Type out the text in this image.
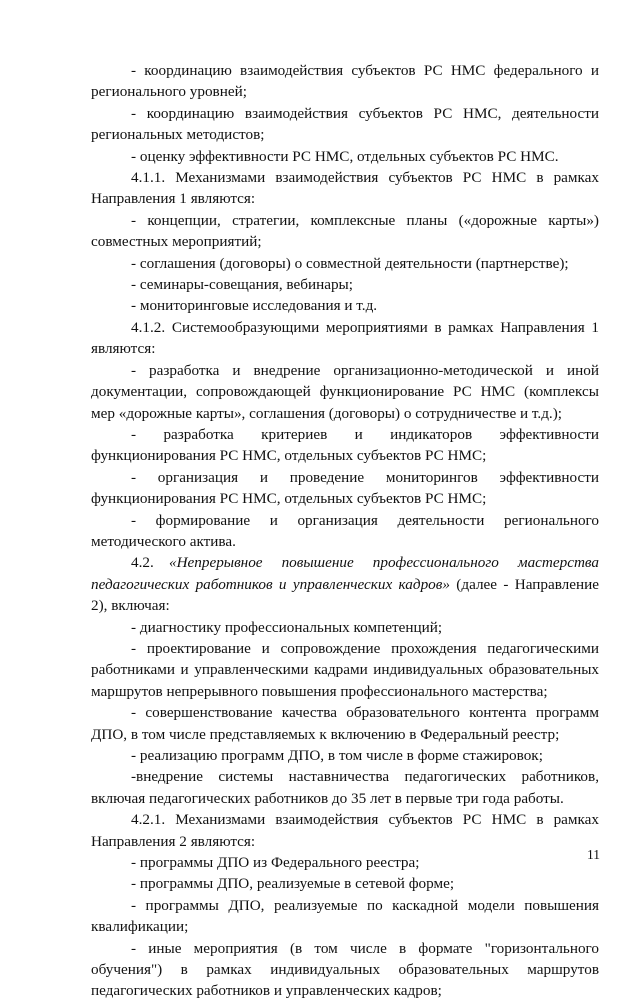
- координацию взаимодействия субъектов РС НМС федерального и регионального уровней;

- координацию взаимодействия субъектов РС НМС, деятельности региональных методистов;

- оценку эффективности РС НМС, отдельных субъектов РС НМС.

4.1.1. Механизмами взаимодействия субъектов РС НМС в рамках Направления 1 являются:

- концепции, стратегии, комплексные планы («дорожные карты») совместных мероприятий;

- соглашения (договоры) о совместной деятельности (партнерстве);

- семинары-совещания, вебинары;

- мониторинговые исследования и т.д.

4.1.2. Системообразующими мероприятиями в рамках Направления 1 являются:

- разработка и внедрение организационно-методической и иной документации, сопровождающей функционирование РС НМС (комплексы мер «дорожные карты», соглашения (договоры) о сотрудничестве и т.д.);

- разработка критериев и индикаторов эффективности функционирования РС НМС, отдельных субъектов РС НМС;

- организация и проведение мониторингов эффективности функционирования РС НМС, отдельных субъектов РС НМС;

- формирование и организация деятельности регионального методического актива.

4.2.  «Непрерывное повышение профессионального мастерства педагогических работников и управленческих кадров» (далее - Направление 2), включая:

- диагностику профессиональных компетенций;

- проектирование и сопровождение прохождения педагогическими работниками и управленческими кадрами индивидуальных образовательных маршрутов непрерывного повышения профессионального мастерства;

- совершенствование качества образовательного контента программ ДПО, в том числе представляемых к включению в Федеральный реестр;

- реализацию программ ДПО, в том числе в форме стажировок;

-внедрение системы наставничества педагогических работников, включая педагогических работников до 35 лет в первые три года работы.

4.2.1. Механизмами взаимодействия субъектов РС НМС в рамках Направления 2 являются:

- программы ДПО из Федерального реестра;

- программы ДПО, реализуемые в сетевой форме;

- программы ДПО, реализуемые по каскадной модели повышения квалификации;

- иные мероприятия (в том числе в формате "горизонтального обучения") в рамках индивидуальных образовательных маршрутов педагогических работников и управленческих кадров;

11
